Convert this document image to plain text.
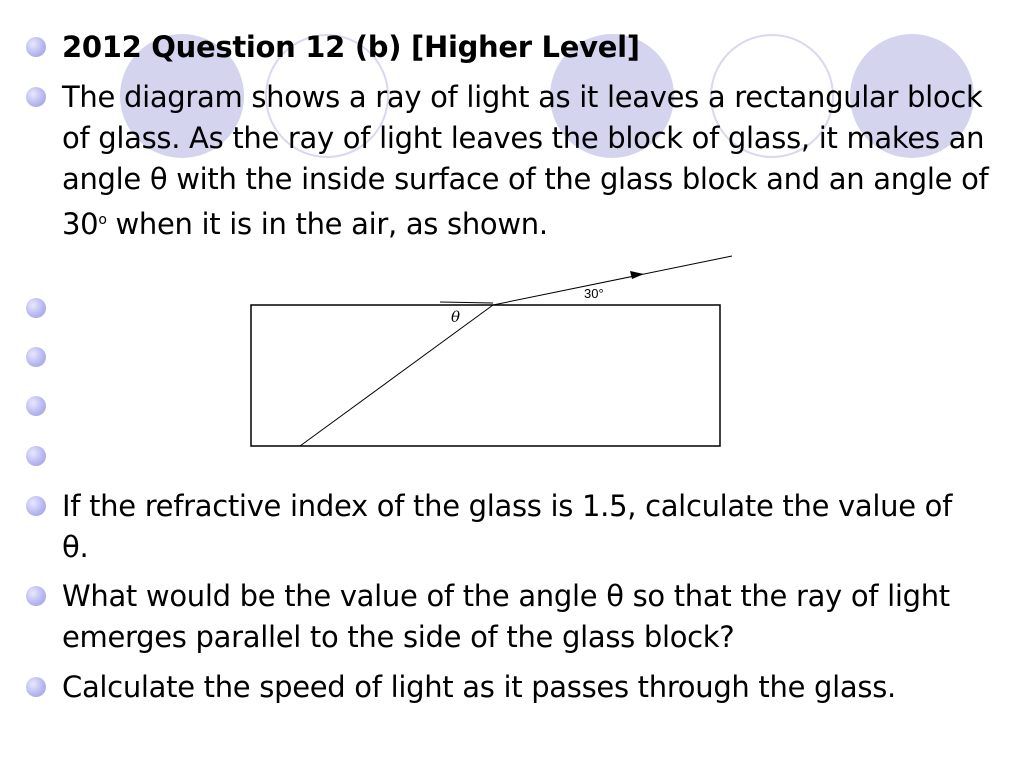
2012 Question 12 (b) [Higher Level]
The diagram shows a ray of light as it leaves a rectangular block of glass. As the ray of light leaves the block of glass, it makes an angle θ with the inside surface of the glass block and an angle of 30$^o$ when it is in the air, as shown.
θ
30°
If the refractive index of the glass is 1.5, calculate the value of θ.
What would be the value of the angle θ so that the ray of light emerges parallel to the side of the glass block?
Calculate the speed of light as it passes through the glass.
